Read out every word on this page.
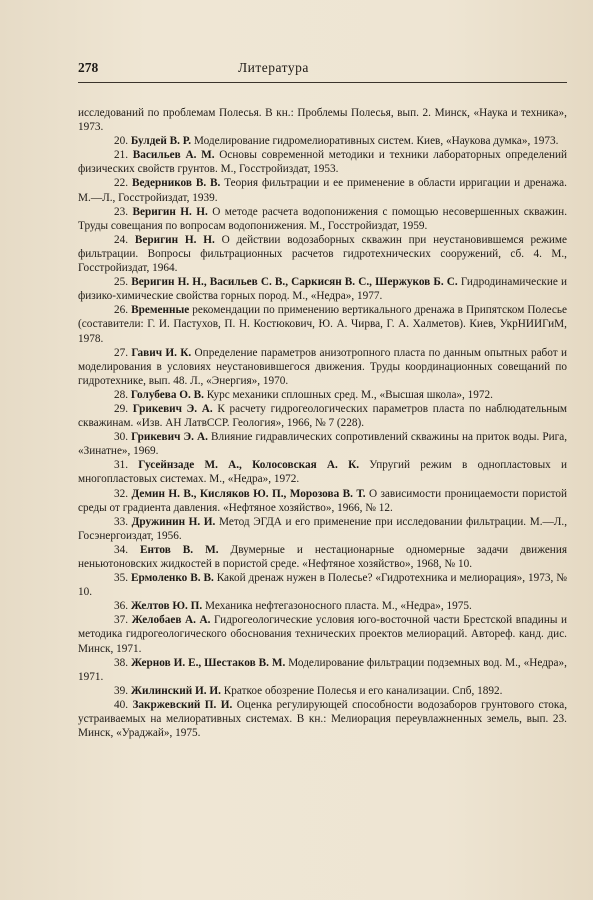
278	Литература

исследований по проблемам Полесья. В кн.: Проблемы Полесья, вып. 2. Минск, «Наука и техника», 1973.

20. Булдей В. Р. Моделирование гидромелиоративных систем. Киев, «Наукова думка», 1973.

21. Васильев А. М. Основы современной методики и техники лабораторных определений физических свойств грунтов. М., Госстройиздат, 1953.

22. Ведерников В. В. Теория фильтрации и ее применение в области ирригации и дренажа. М.—Л., Госстройиздат, 1939.

23. Веригин Н. Н. О методе расчета водопонижения с помощью несовершенных скважин. Труды совещания по вопросам водопонижения. М., Госстройиздат, 1959.

24. Веригин Н. Н. О действии водозаборных скважин при неустановившемся режиме фильтрации. Вопросы фильтрационных расчетов гидротехнических сооружений, сб. 4. М., Госстройиздат, 1964.

25. Веригин Н. Н., Васильев С. В., Саркисян В. С., Шержуков Б. С. Гидродинамические и физико-химические свойства горных пород. М., «Недра», 1977.

26. Временные рекомендации по применению вертикального дренажа в Припятском Полесье (составители: Г. И. Пастухов, П. Н. Костюкович, Ю. А. Чирва, Г. А. Халметов). Киев, УкрНИИГиМ, 1978.

27. Гавич И. К. Определение параметров анизотропного пласта по данным опытных работ и моделирования в условиях неустановившегося движения. Труды координационных совещаний по гидротехнике, вып. 48. Л., «Энергия», 1970.

28. Голубева О. В. Курс механики сплошных сред. М., «Высшая школа», 1972.

29. Грикевич Э. А. К расчету гидрогеологических параметров пласта по наблюдательным скважинам. «Изв. АН ЛатвССР. Геология», 1966, № 7 (228).

30. Грикевич Э. А. Влияние гидравлических сопротивлений скважины на приток воды. Рига, «Зинатне», 1969.

31. Гусейнзаде М. А., Колосовская А. К. Упругий режим в однопластовых и многопластовых системах. М., «Недра», 1972.

32. Демин Н. В., Кисляков Ю. П., Морозова В. Т. О зависимости проницаемости пористой среды от градиента давления. «Нефтяное хозяйство», 1966, № 12.

33. Дружинин Н. И. Метод ЭГДА и его применение при исследовании фильтрации. М.—Л., Госэнергоиздат, 1956.

34. Ентов В. М. Двумерные и нестационарные одномерные задачи движения неньютоновских жидкостей в пористой среде. «Нефтяное хозяйство», 1968, № 10.

35. Ермоленко В. В. Какой дренаж нужен в Полесье? «Гидротехника и мелиорация», 1973, № 10.

36. Желтов Ю. П. Механика нефтегазоносного пласта. М., «Недра», 1975.

37. Желобаев А. А. Гидрогеологические условия юго-восточной части Брестской впадины и методика гидрогеологического обоснования технических проектов мелиораций. Автореф. канд. дис. Минск, 1971.

38. Жернов И. Е., Шестаков В. М. Моделирование фильтрации подземных вод. М., «Недра», 1971.

39. Жилинский И. И. Краткое обозрение Полесья и его канализации. Спб, 1892.

40. Закржевский П. И. Оценка регулирующей способности водозаборов грунтового стока, устраиваемых на мелиоративных системах. В кн.: Мелиорация переувлажненных земель, вып. 23. Минск, «Ураджай», 1975.
